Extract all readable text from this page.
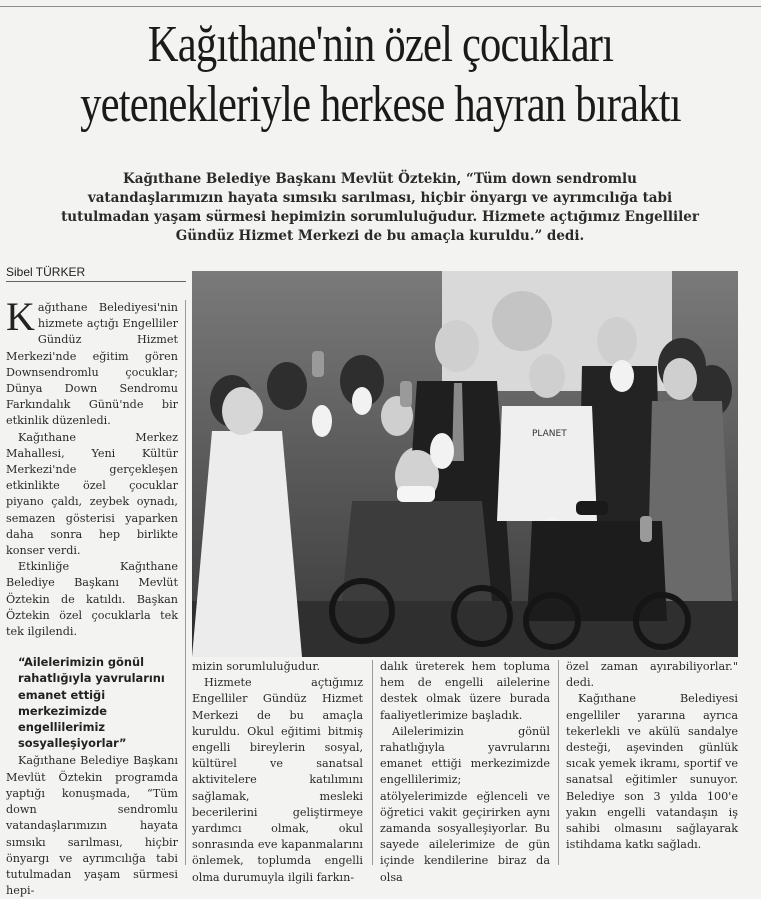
Kağıthane'nin özel çocukları
yetenekleriyle herkese hayran bıraktı
Kağıthane Belediye Başkanı Mevlüt Öztekin, “Tüm down sendromlu vatandaşlarımızın hayata sımsıkı sarılması, hiçbir önyargı ve ayrımcılığa tabi tutulmadan yaşam sürmesi hepimizin sorumluluğudur. Hizmete açtığımız Engelliler Gündüz Hizmet Merkezi de bu amaçla kuruldu.” dedi.
Sibel TÜRKER
PLANET

Kağıthane Belediyesi'nin hizmete açtığı Engelliler Gündüz Hizmet Merkezi'nde eğitim gören Downsendromlu çocuklar; Dünya Down Sendromu Farkındalık Günü'nde bir etkinlik düzenledi.

Kağıthane Merkez Mahallesi, Yeni Kültür Merkezi'nde gerçekleşen etkinlikte özel çocuklar piyano çaldı, zeybek oynadı, semazen gösterisi yaparken daha sonra hep birlikte konser verdi.

Etkinliğe Kağıthane Belediye Başkanı Mevlüt Öztekin de katıldı. Başkan Öztekin özel çocuklarla tek tek ilgilendi.

“Ailelerimizin gönül rahatlığıyla yavrularını emanet ettiği merkezimizde engellilerimiz sosyalleşiyorlar”

Kağıthane Belediye Başkanı Mevlüt Öztekin programda yaptığı konuşmada, “Tüm down sendromlu vatandaşlarımızın hayata sımsıkı sarılması, hiçbir önyargı ve ayrımcılığa tabi tutulmadan yaşam sürmesi hepi-

mizin sorumluluğudur.

Hizmete açtığımız Engelliler Gündüz Hizmet Merkezi de bu amaçla kuruldu. Okul eğitimi bitmiş engelli bireylerin sosyal, kültürel ve sanatsal aktivitelere katılımını sağlamak, mesleki becerilerini geliştirmeye yardımcı olmak, okul sonrasında eve kapanmalarını önlemek, toplumda engelli olma durumuyla ilgili farkın-

dalık üreterek hem topluma hem de engelli ailelerine destek olmak üzere burada faaliyetlerimize başladık.

Ailelerimizin gönül rahatlığıyla yavrularını emanet ettiği merkezimizde engellilerimiz; atölyelerimizde eğlenceli ve öğretici vakit geçirirken aynı zamanda sosyalleşiyorlar. Bu sayede ailelerimize de gün içinde kendilerine biraz da olsa

özel zaman ayırabiliyorlar." dedi.

Kağıthane Belediyesi engelliler yararına ayrıca tekerlekli ve akülü sandalye desteği, aşevinden günlük sıcak yemek ikramı, sportif ve sanatsal eğitimler sunuyor. Belediye son 3 yılda 100'e yakın engelli vatandaşın iş sahibi olmasını sağlayarak istihdama katkı sağladı.
